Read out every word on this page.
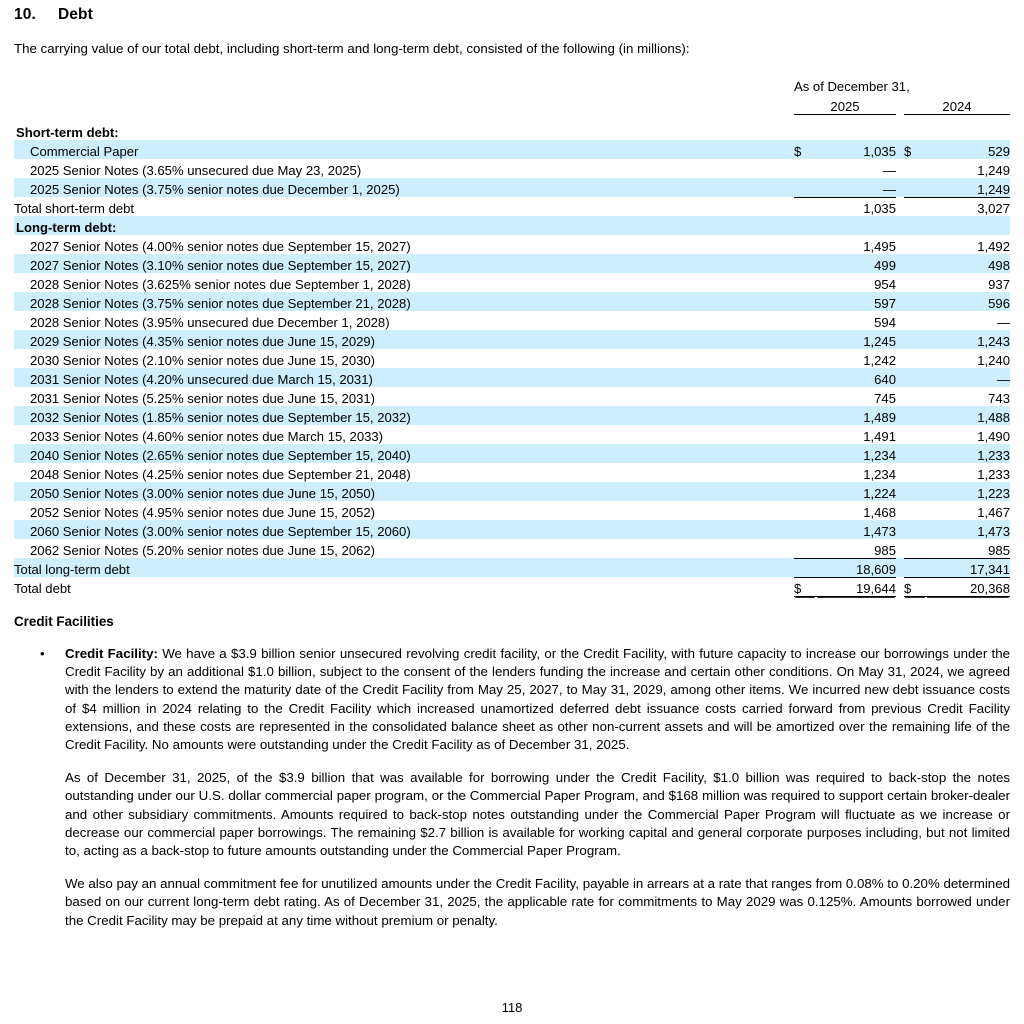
10. Debt
The carrying value of our total debt, including short-term and long-term debt, consisted of the following (in millions):
	As of December 31,				
	2025			2024	

Short-term debt:					
Commercial Paper	$	1,035		$	529
2025 Senior Notes (3.65% unsecured due May 23, 2025)		—			1,249
2025 Senior Notes (3.75% senior notes due December 1, 2025)		—			1,249
Total short-term debt		1,035			3,027
Long-term debt:					
2027 Senior Notes (4.00% senior notes due September 15, 2027)		1,495			1,492
2027 Senior Notes (3.10% senior notes due September 15, 2027)		499			498
2028 Senior Notes (3.625% senior notes due September 1, 2028)		954			937
2028 Senior Notes (3.75% senior notes due September 21, 2028)		597			596
2028 Senior Notes (3.95% unsecured due December 1, 2028)		594			—
2029 Senior Notes (4.35% senior notes due June 15, 2029)		1,245			1,243
2030 Senior Notes (2.10% senior notes due June 15, 2030)		1,242			1,240
2031 Senior Notes (4.20% unsecured due March 15, 2031)		640			—
2031 Senior Notes (5.25% senior notes due June 15, 2031)		745			743
2032 Senior Notes (1.85% senior notes due September 15, 2032)		1,489			1,488
2033 Senior Notes (4.60% senior notes due March 15, 2033)		1,491			1,490
2040 Senior Notes (2.65% senior notes due September 15, 2040)		1,234			1,233
2048 Senior Notes (4.25% senior notes due September 21, 2048)		1,234			1,233
2050 Senior Notes (3.00% senior notes due June 15, 2050)		1,224			1,223
2052 Senior Notes (4.95% senior notes due June 15, 2052)		1,468			1,467
2060 Senior Notes (3.00% senior notes due September 15, 2060)		1,473			1,473
2062 Senior Notes (5.20% senior notes due June 15, 2062)		985			985
Total long-term debt		18,609			17,341
Total debt	$	19,644		$	20,368
Credit Facilities
•	Credit Facility: We have a $3.9 billion senior unsecured revolving credit facility, or the Credit Facility, with future capacity to increase our borrowings under the Credit Facility by an additional $1.0 billion, subject to the consent of the lenders funding the increase and certain other conditions. On May 31, 2024, we agreed with the lenders to extend the maturity date of the Credit Facility from May 25, 2027, to May 31, 2029, among other items. We incurred new debt issuance costs of $4 million in 2024 relating to the Credit Facility which increased unamortized deferred debt issuance costs carried forward from previous Credit Facility extensions, and these costs are represented in the consolidated balance sheet as other non-current assets and will be amortized over the remaining life of the Credit Facility. No amounts were outstanding under the Credit Facility as of December 31, 2025.

As of December 31, 2025, of the $3.9 billion that was available for borrowing under the Credit Facility, $1.0 billion was required to back-stop the notes outstanding under our U.S. dollar commercial paper program, or the Commercial Paper Program, and $168 million was required to support certain broker-dealer and other subsidiary commitments. Amounts required to back-stop notes outstanding under the Commercial Paper Program will fluctuate as we increase or decrease our commercial paper borrowings. The remaining $2.7 billion is available for working capital and general corporate purposes including, but not limited to, acting as a back-stop to future amounts outstanding under the Commercial Paper Program.

We also pay an annual commitment fee for unutilized amounts under the Credit Facility, payable in arrears at a rate that ranges from 0.08% to 0.20% determined based on our current long-term debt rating. As of December 31, 2025, the applicable rate for commitments to May 2029 was 0.125%. Amounts borrowed under the Credit Facility may be prepaid at any time without premium or penalty.

118
